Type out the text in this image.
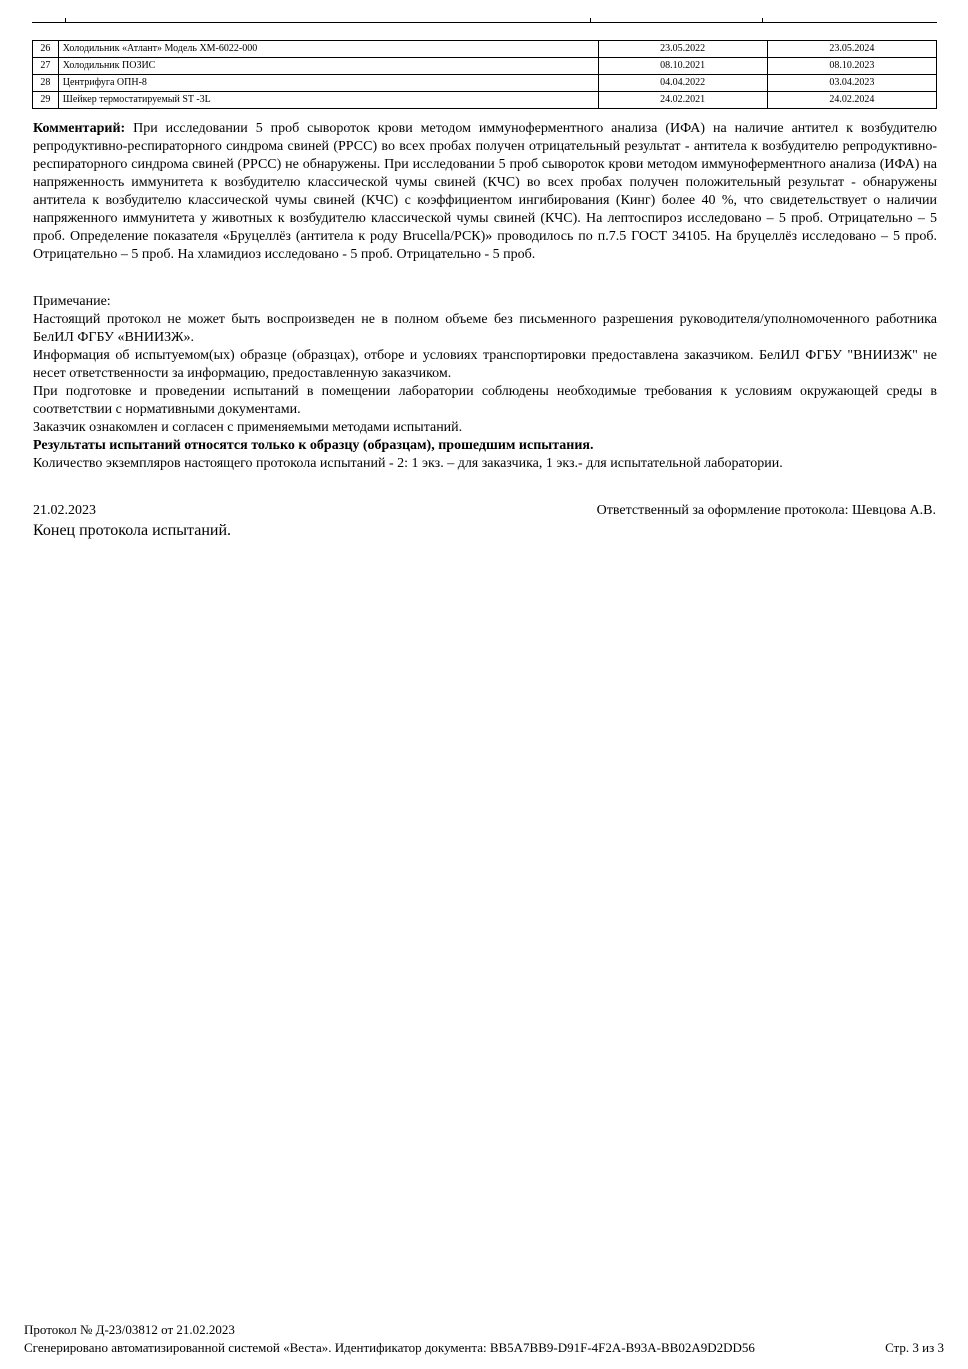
26	Холодильник «Атлант» Модель ХМ-6022-000	23.05.2022	23.05.2024
27	Холодильник ПОЗИС	08.10.2021	08.10.2023
28	Центрифуга ОПН-8	04.04.2022	03.04.2023
29	Шейкер термостатируемый ST -3L	24.02.2021	24.02.2024
Комментарий: При исследовании 5 проб сывороток крови методом иммуноферментного анализа (ИФА) на наличие антител к возбудителю репродуктивно-респираторного синдрома свиней (РРСС) во всех пробах получен отрицательный результат - антитела к возбудителю репродуктивно-респираторного синдрома свиней (РРСС) не обнаружены. При исследовании 5 проб сывороток крови методом иммуноферментного анализа (ИФА) на напряженность иммунитета к возбудителю классической чумы свиней (КЧС) во всех пробах получен положительный результат - обнаружены антитела к возбудителю классической чумы свиней (КЧС) с коэффициентом ингибирования (Кинг) более 40 %, что свидетельствует о наличии напряженного иммунитета у животных к возбудителю классической чумы свиней (КЧС). На лептоспироз исследовано – 5 проб. Отрицательно – 5 проб. Определение показателя «Бруцеллёз (антитела к роду Brucella/РСК)» проводилось по п.7.5 ГОСТ 34105. На бруцеллёз исследовано – 5 проб. Отрицательно – 5 проб. На хламидиоз исследовано - 5 проб. Отрицательно - 5 проб.

Примечание:

Настоящий протокол не может быть воспроизведен не в полном объеме без письменного разрешения руководителя/уполномоченного работника БелИЛ ФГБУ «ВНИИЗЖ».

Информация об испытуемом(ых) образце (образцах), отборе и условиях транспортировки предоставлена заказчиком. БелИЛ ФГБУ "ВНИИЗЖ" не несет ответственности за информацию, предоставленную заказчиком.

При подготовке и проведении испытаний в помещении лаборатории соблюдены необходимые требования к условиям окружающей среды в соответствии с нормативными документами.

Заказчик ознакомлен и согласен с применяемыми методами испытаний.

Результаты испытаний относятся только к образцу (образцам), прошедшим испытания.

Количество экземпляров настоящего протокола испытаний - 2: 1 экз. – для заказчика, 1 экз.- для испытательной лаборатории.

21.02.2023	Ответственный за оформление протокола: Шевцова А.В.
Конец протокола испытаний.
Протокол № Д-23/03812 от 21.02.2023
Сгенерировано автоматизированной системой «Веста». Идентификатор документа: BB5A7BB9-D91F-4F2A-B93A-BB02A9D2DD56	Стр. 3 из 3
